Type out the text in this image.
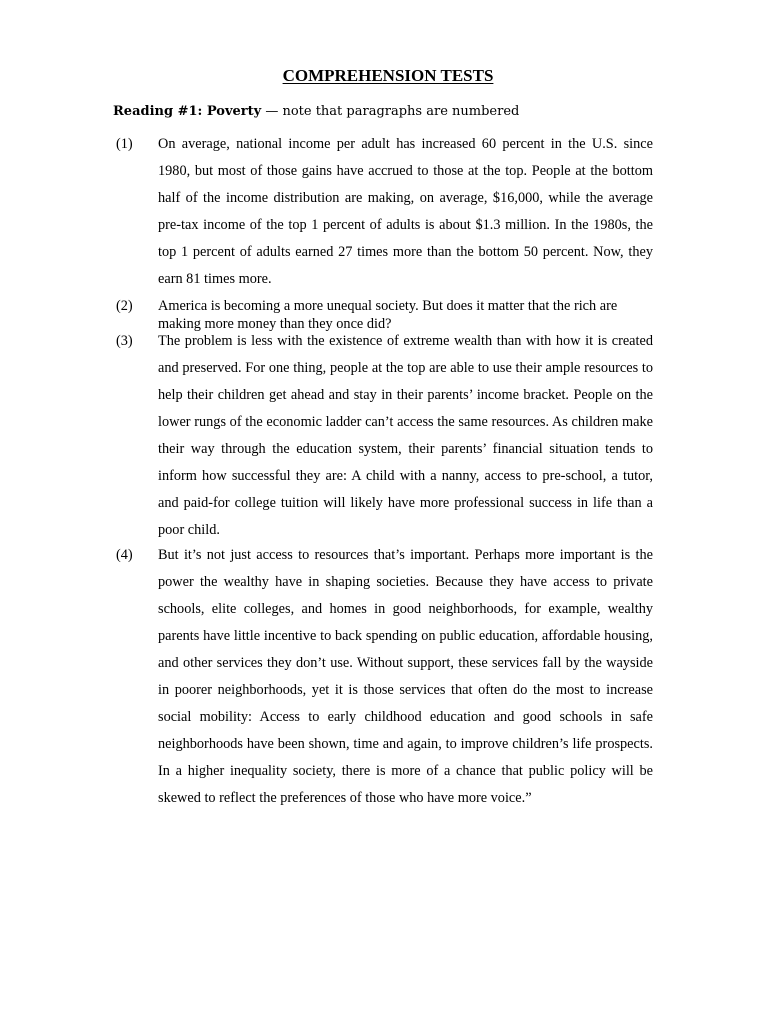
COMPREHENSION TESTS
Reading #1: Poverty — note that paragraphs are numbered
(1) On average, national income per adult has increased 60 percent in the U.S. since 1980, but most of those gains have accrued to those at the top. People at the bottom half of the income distribution are making, on average, $16,000, while the average pre-tax income of the top 1 percent of adults is about $1.3 million. In the 1980s, the top 1 percent of adults earned 27 times more than the bottom 50 percent. Now, they earn 81 times more.
(2) America is becoming a more unequal society. But does it matter that the rich are making more money than they once did?
(3) The problem is less with the existence of extreme wealth than with how it is created and preserved. For one thing, people at the top are able to use their ample resources to help their children get ahead and stay in their parents’ income bracket. People on the lower rungs of the economic ladder can’t access the same resources. As children make their way through the education system, their parents’ financial situation tends to inform how successful they are: A child with a nanny, access to pre-school, a tutor, and paid-for college tuition will likely have more professional success in life than a poor child.
(4) But it’s not just access to resources that’s important. Perhaps more important is the power the wealthy have in shaping societies. Because they have access to private schools, elite colleges, and homes in good neighborhoods, for example, wealthy parents have little incentive to back spending on public education, affordable housing, and other services they don’t use. Without support, these services fall by the wayside in poorer neighborhoods, yet it is those services that often do the most to increase social mobility: Access to early childhood education and good schools in safe neighborhoods have been shown, time and again, to improve children’s life prospects. In a higher inequality society, there is more of a chance that public policy will be skewed to reflect the preferences of those who have more voice.”
